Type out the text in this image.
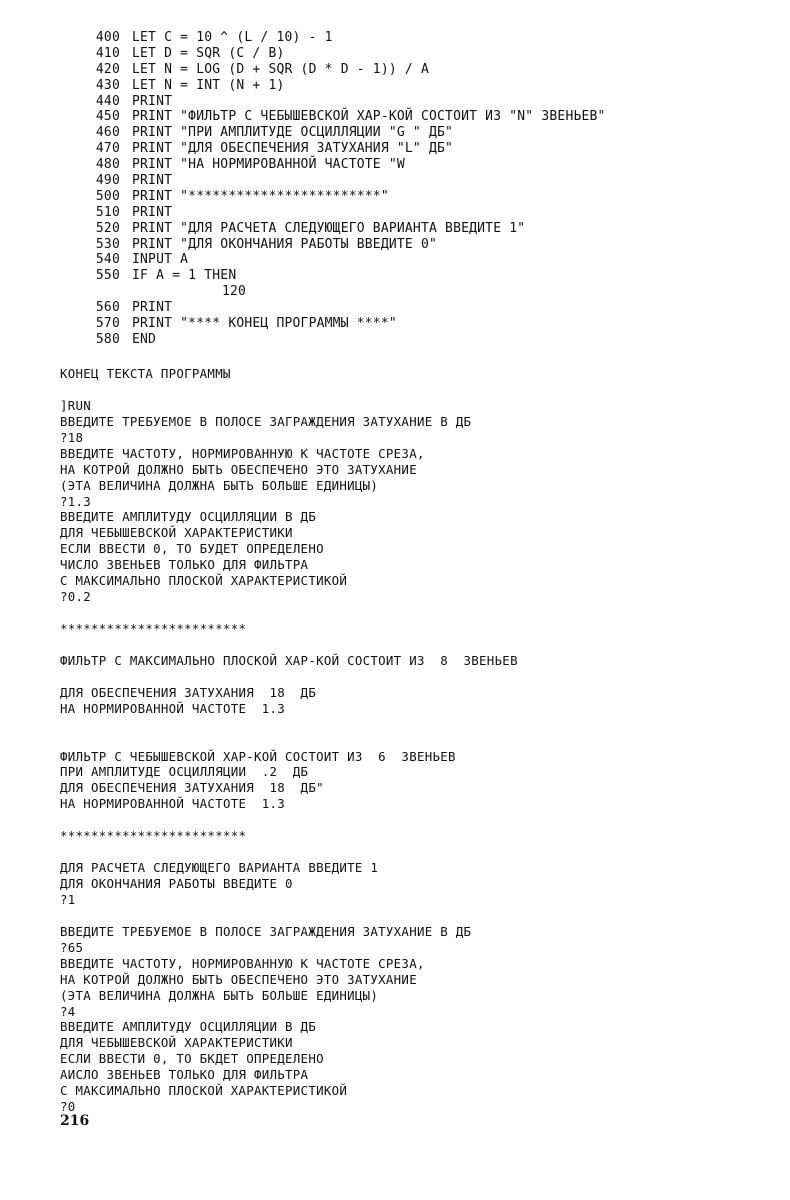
400 LET C = 10 ^ (L / 10) - 1
410 LET D = SQR (C / B)
420 LET N = LOG (D + SQR (D * D - 1)) / A
430 LET N = INT (N + 1)
440 PRINT
450 PRINT "ФИЛЬТР С ЧЕБЫШЕВСКОЙ ХАР-КОЙ СОСТОИТ ИЗ "N" ЗВЕНЬЕВ"
460 PRINT "ПРИ АМПЛИТУДЕ ОСЦИЛЛЯЦИИ "G " ДБ"
470 PRINT "ДЛЯ ОБЕСПЕЧЕНИЯ ЗАТУХАНИЯ "L" ДБ"
480 PRINT "НА НОРМИРОВАННОЙ ЧАСТОТЕ "W
490 PRINT
500 PRINT "************************"
510 PRINT
520 PRINT "ДЛЯ РАСЧЕТА СЛЕДУЮЩЕГО ВАРИАНТА ВВЕДИТЕ 1"
530 PRINT "ДЛЯ ОКОНЧАНИЯ РАБОТЫ ВВЕДИТЕ 0"
540 INPUT A
550 IF A = 1 THEN
120
560 PRINT
570 PRINT "**** КОНЕЦ ПРОГРАММЫ ****"
580 END
КОНЕЦ ТЕКСТА ПРОГРАММЫ
]RUN
ВВЕДИТЕ ТРЕБУЕМОЕ В ПОЛОСЕ ЗАГРАЖДЕНИЯ ЗАТУХАНИЕ В ДБ
?18
ВВЕДИТЕ ЧАСТОТУ, НОРМИРОВАННУЮ К ЧАСТОТЕ СРЕЗА,
НА КОТРОЙ ДОЛЖНО БЫТЬ ОБЕСПЕЧЕНО ЭТО ЗАТУХАНИЕ
(ЭТА ВЕЛИЧИНА ДОЛЖНА БЫТЬ БОЛЬШЕ ЕДИНИЦЫ)
?1.3
ВВЕДИТЕ АМПЛИТУДУ ОСЦИЛЛЯЦИИ В ДБ
ДЛЯ ЧЕБЫШЕВСКОЙ ХАРАКТЕРИСТИКИ
ЕСЛИ ВВЕСТИ 0, ТО БУДЕТ ОПРЕДЕЛЕНО
ЧИСЛО ЗВЕНЬЕВ ТОЛЬКО ДЛЯ ФИЛЬТРА
С МАКСИМАЛЬНО ПЛОСКОЙ ХАРАКТЕРИСТИКОЙ
?0.2
************************
ФИЛЬТР С МАКСИМАЛЬНО ПЛОСКОЙ ХАР-КОЙ СОСТОИТ ИЗ  8  ЗВЕНЬЕВ
ДЛЯ ОБЕСПЕЧЕНИЯ ЗАТУХАНИЯ  18  ДБ
НА НОРМИРОВАННОЙ ЧАСТОТЕ  1.3
ФИЛЬТР С ЧЕБЫШЕВСКОЙ ХАР-КОЙ СОСТОИТ ИЗ  6  ЗВЕНЬЕВ
ПРИ АМПЛИТУДЕ ОСЦИЛЛЯЦИИ  .2  ДБ
ДЛЯ ОБЕСПЕЧЕНИЯ ЗАТУХАНИЯ  18  ДБ"
НА НОРМИРОВАННОЙ ЧАСТОТЕ  1.3
************************
ДЛЯ РАСЧЕТА СЛЕДУЮЩЕГО ВАРИАНТА ВВЕДИТЕ 1
ДЛЯ ОКОНЧАНИЯ РАБОТЫ ВВЕДИТЕ 0
?1
ВВЕДИТЕ ТРЕБУЕМОЕ В ПОЛОСЕ ЗАГРАЖДЕНИЯ ЗАТУХАНИЕ В ДБ
?65
ВВЕДИТЕ ЧАСТОТУ, НОРМИРОВАННУЮ К ЧАСТОТЕ СРЕЗА,
НА КОТРОЙ ДОЛЖНО БЫТЬ ОБЕСПЕЧЕНО ЭТО ЗАТУХАНИЕ
(ЭТА ВЕЛИЧИНА ДОЛЖНА БЫТЬ БОЛЬШЕ ЕДИНИЦЫ)
?4
ВВЕДИТЕ АМПЛИТУДУ ОСЦИЛЛЯЦИИ В ДБ
ДЛЯ ЧЕБЫШЕВСКОЙ ХАРАКТЕРИСТИКИ
ЕСЛИ ВВЕСТИ 0, ТО БКДЕТ ОПРЕДЕЛЕНО
АИСЛО ЗВЕНЬЕВ ТОЛЬКО ДЛЯ ФИЛЬТРА
С МАКСИМАЛЬНО ПЛОСКОЙ ХАРАКТЕРИСТИКОЙ
?0
216
